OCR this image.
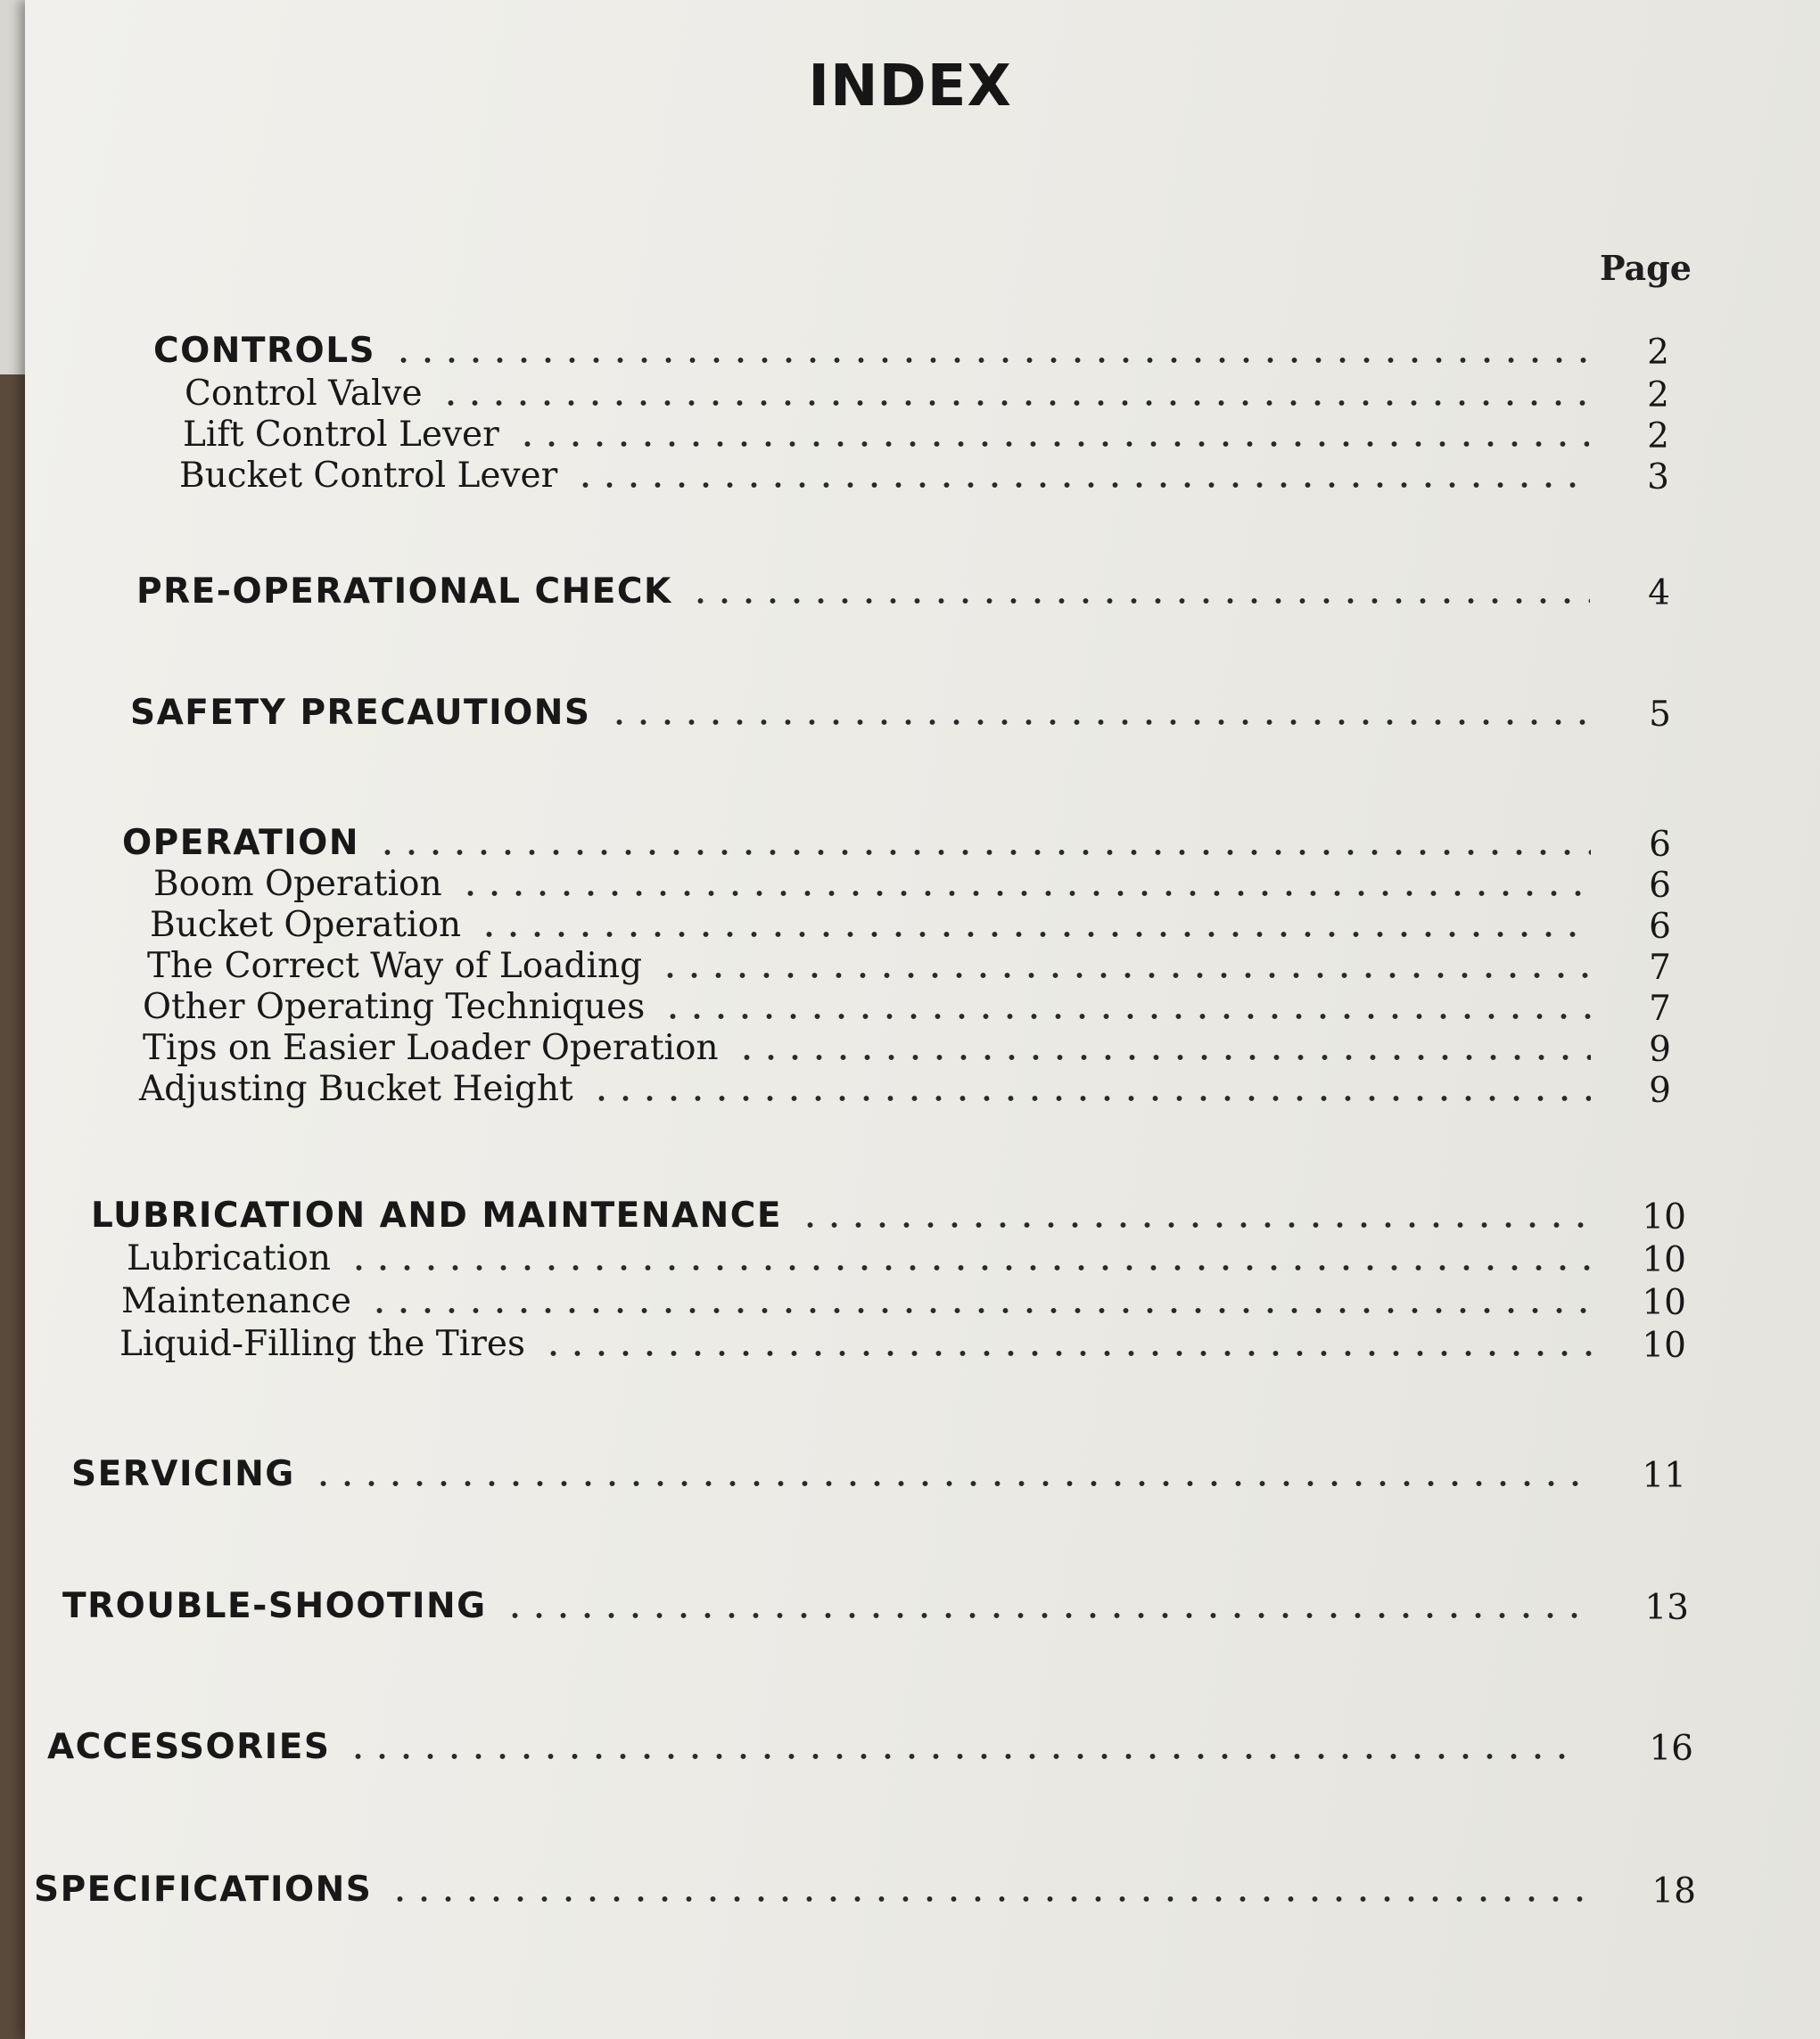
INDEX
Page
CONTROLS	2
Control Valve	2
Lift Control Lever	2
Bucket Control Lever	3
PRE-OPERATIONAL CHECK	4
SAFETY PRECAUTIONS	5
OPERATION	6
Boom Operation	6
Bucket Operation	6
The Correct Way of Loading	7
Other Operating Techniques	7
Tips on Easier Loader Operation	9
Adjusting Bucket Height	9
LUBRICATION AND MAINTENANCE	10
Lubrication	10
Maintenance	10
Liquid-Filling the Tires	10
SERVICING	11
TROUBLE-SHOOTING	13
ACCESSORIES	16
SPECIFICATIONS	18
